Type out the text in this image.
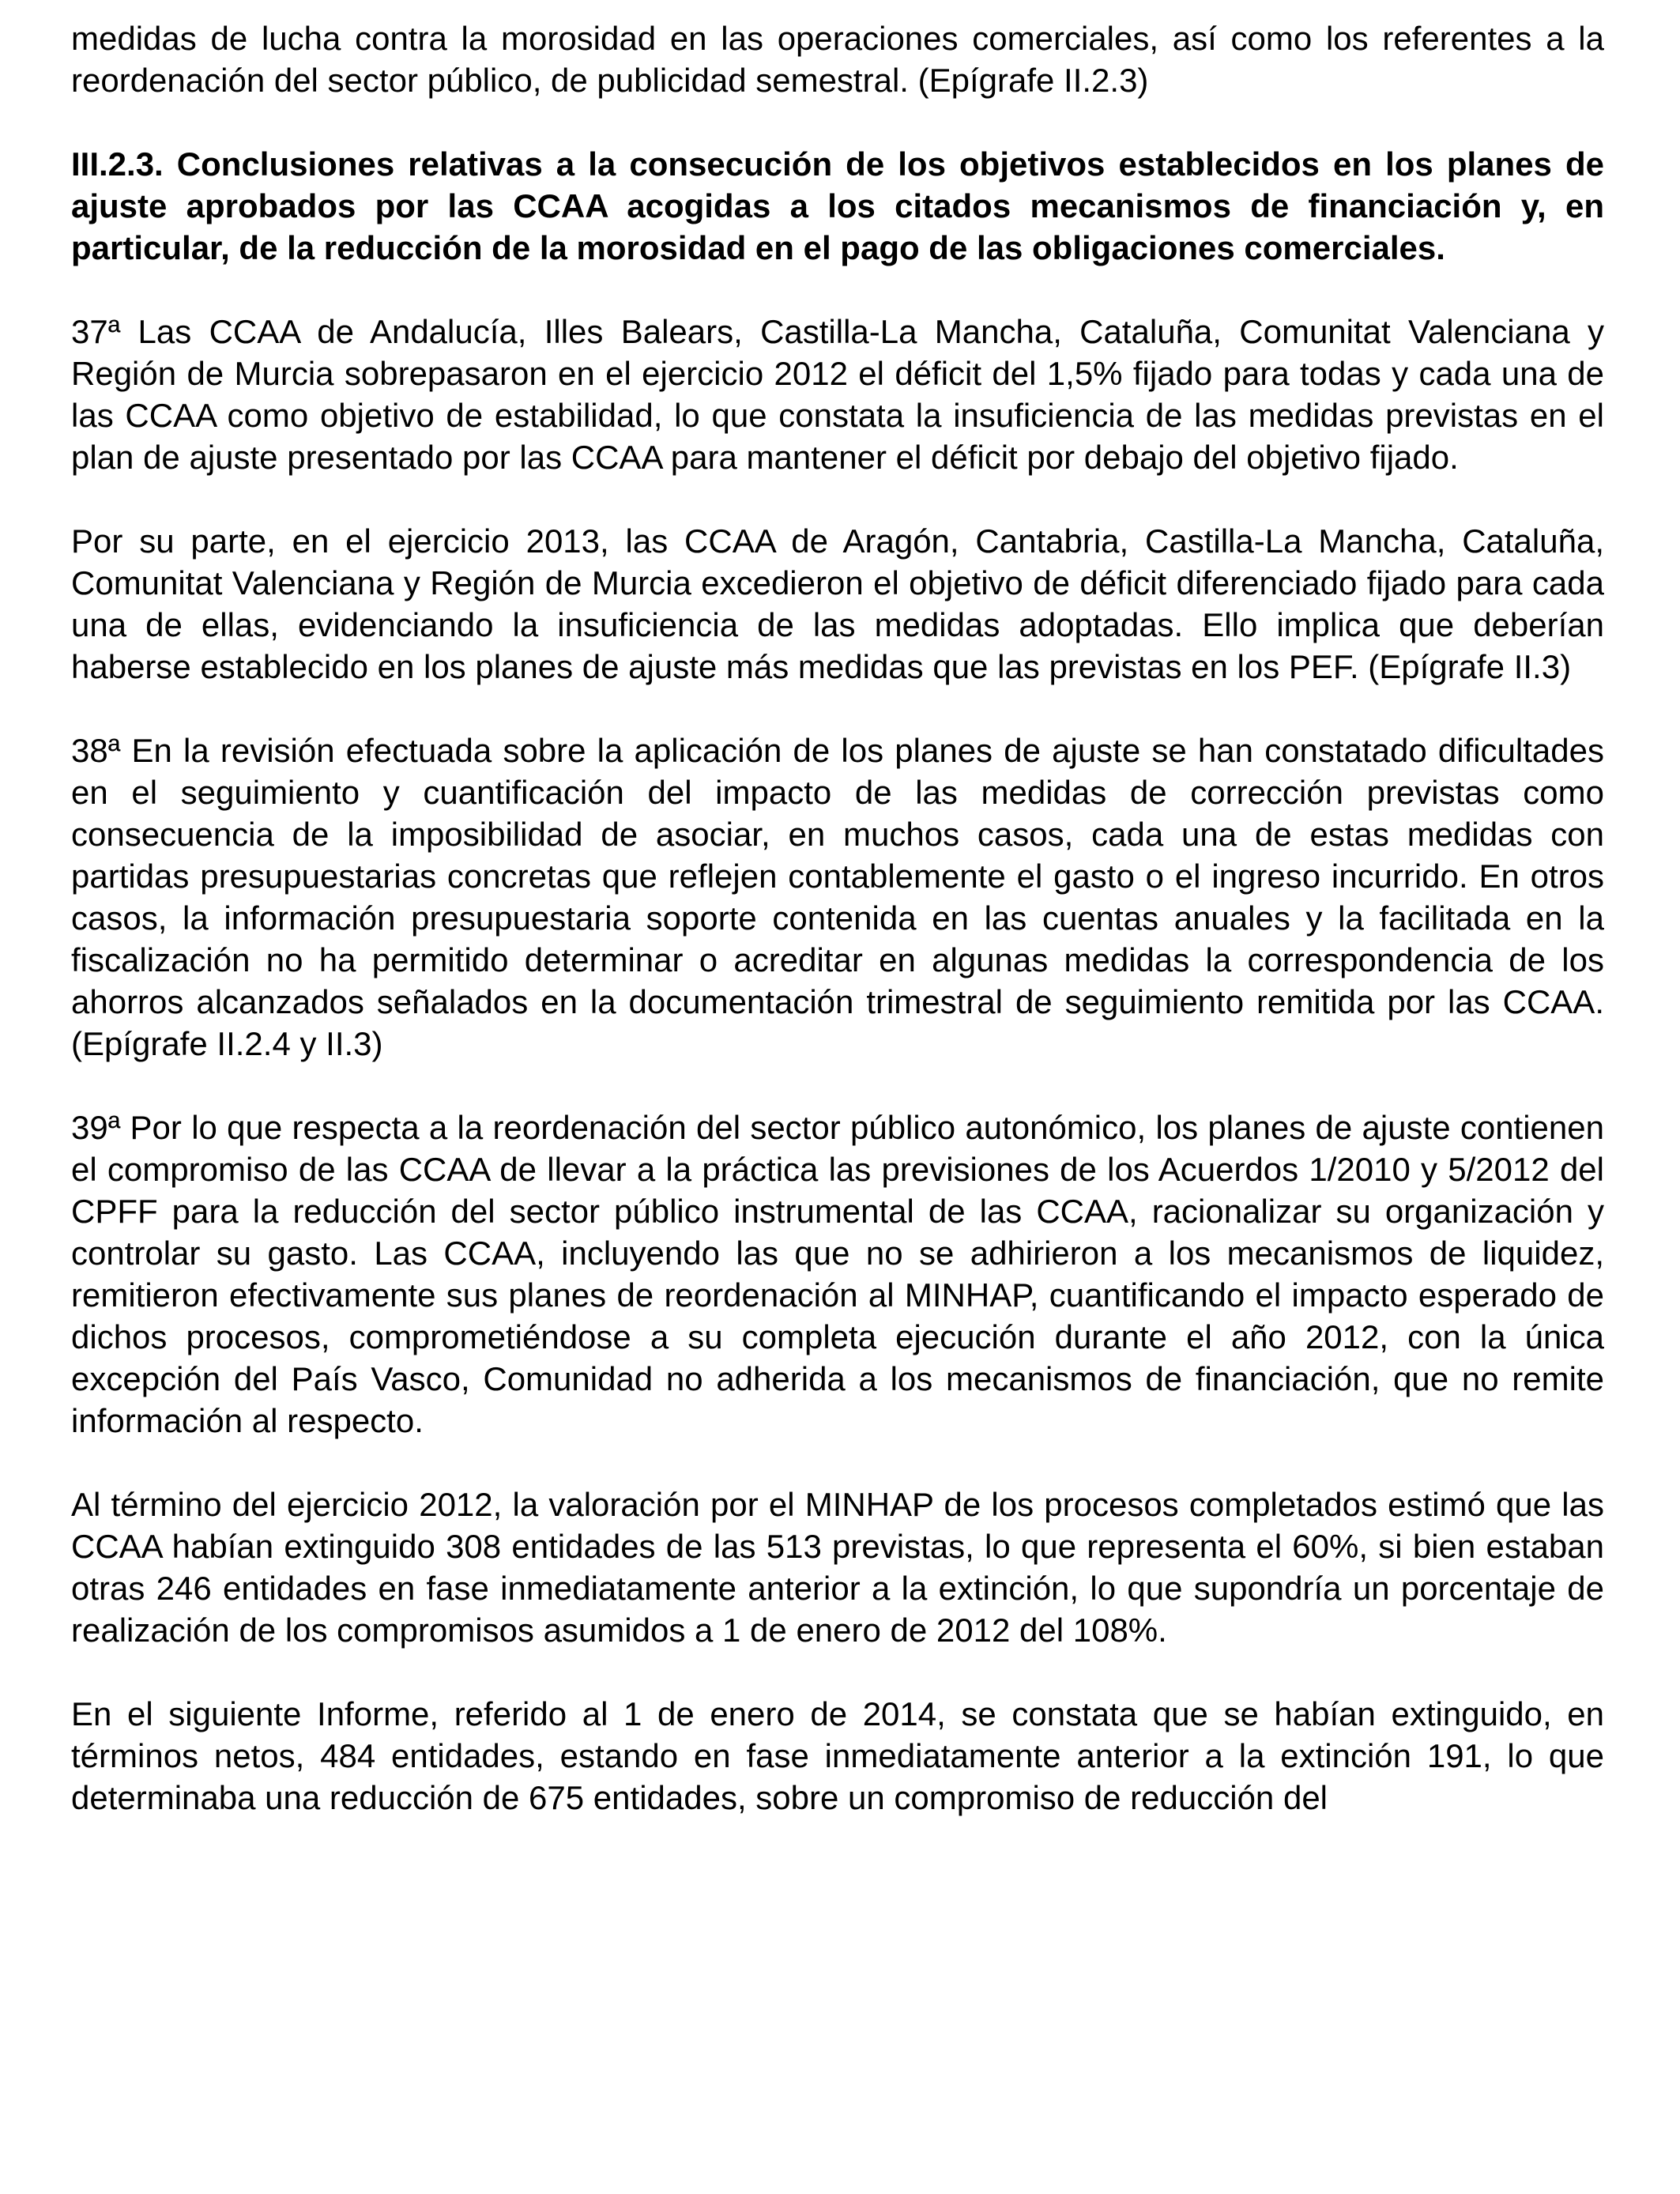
medidas de lucha contra la morosidad en las operaciones comerciales, así como los referentes a la reordenación del sector público, de publicidad semestral. (Epígrafe II.2.3)

III.2.3. Conclusiones relativas a la consecución de los objetivos establecidos en los planes de ajuste aprobados por las CCAA acogidas a los citados mecanismos de financiación y, en particular, de la reducción de la morosidad en el pago de las obligaciones comerciales.

37ª Las CCAA de Andalucía, Illes Balears, Castilla-La Mancha, Cataluña, Comunitat Valenciana y Región de Murcia sobrepasaron en el ejercicio 2012 el déficit del 1,5% fijado para todas y cada una de las CCAA como objetivo de estabilidad, lo que constata la insuficiencia de las medidas previstas en el plan de ajuste presentado por las CCAA para mantener el déficit por debajo del objetivo fijado.

Por su parte, en el ejercicio 2013, las CCAA de Aragón, Cantabria, Castilla-La Mancha, Cataluña, Comunitat Valenciana y Región de Murcia excedieron el objetivo de déficit diferenciado fijado para cada una de ellas, evidenciando la insuficiencia de las medidas adoptadas. Ello implica que deberían haberse establecido en los planes de ajuste más medidas que las previstas en los PEF. (Epígrafe II.3)

38ª En la revisión efectuada sobre la aplicación de los planes de ajuste se han constatado dificultades en el seguimiento y cuantificación del impacto de las medidas de corrección previstas como consecuencia de la imposibilidad de asociar, en muchos casos, cada una de estas medidas con partidas presupuestarias concretas que reflejen contablemente el gasto o el ingreso incurrido. En otros casos, la información presupuestaria soporte contenida en las cuentas anuales y la facilitada en la fiscalización no ha permitido determinar o acreditar en algunas medidas la correspondencia de los ahorros alcanzados señalados en la documentación trimestral de seguimiento remitida por las CCAA. (Epígrafe II.2.4 y II.3)

39ª Por lo que respecta a la reordenación del sector público autonómico, los planes de ajuste contienen el compromiso de las CCAA de llevar a la práctica las previsiones de los Acuerdos 1/2010 y 5/2012 del CPFF para la reducción del sector público instrumental de las CCAA, racionalizar su organización y controlar su gasto. Las CCAA, incluyendo las que no se adhirieron a los mecanismos de liquidez, remitieron efectivamente sus planes de reordenación al MINHAP, cuantificando el impacto esperado de dichos procesos, comprometiéndose a su completa ejecución durante el año 2012, con la única excepción del País Vasco, Comunidad no adherida a los mecanismos de financiación, que no remite información al respecto.

Al término del ejercicio 2012, la valoración por el MINHAP de los procesos completados estimó que las CCAA habían extinguido 308 entidades de las 513 previstas, lo que representa el 60%, si bien estaban otras 246 entidades en fase inmediatamente anterior a la extinción, lo que supondría un porcentaje de realización de los compromisos asumidos a 1 de enero de 2012 del 108%.

En el siguiente Informe, referido al 1 de enero de 2014, se constata que se habían extinguido, en términos netos, 484 entidades, estando en fase inmediatamente anterior a la extinción 191, lo que determinaba una reducción de 675 entidades, sobre un compromiso de reducción del
